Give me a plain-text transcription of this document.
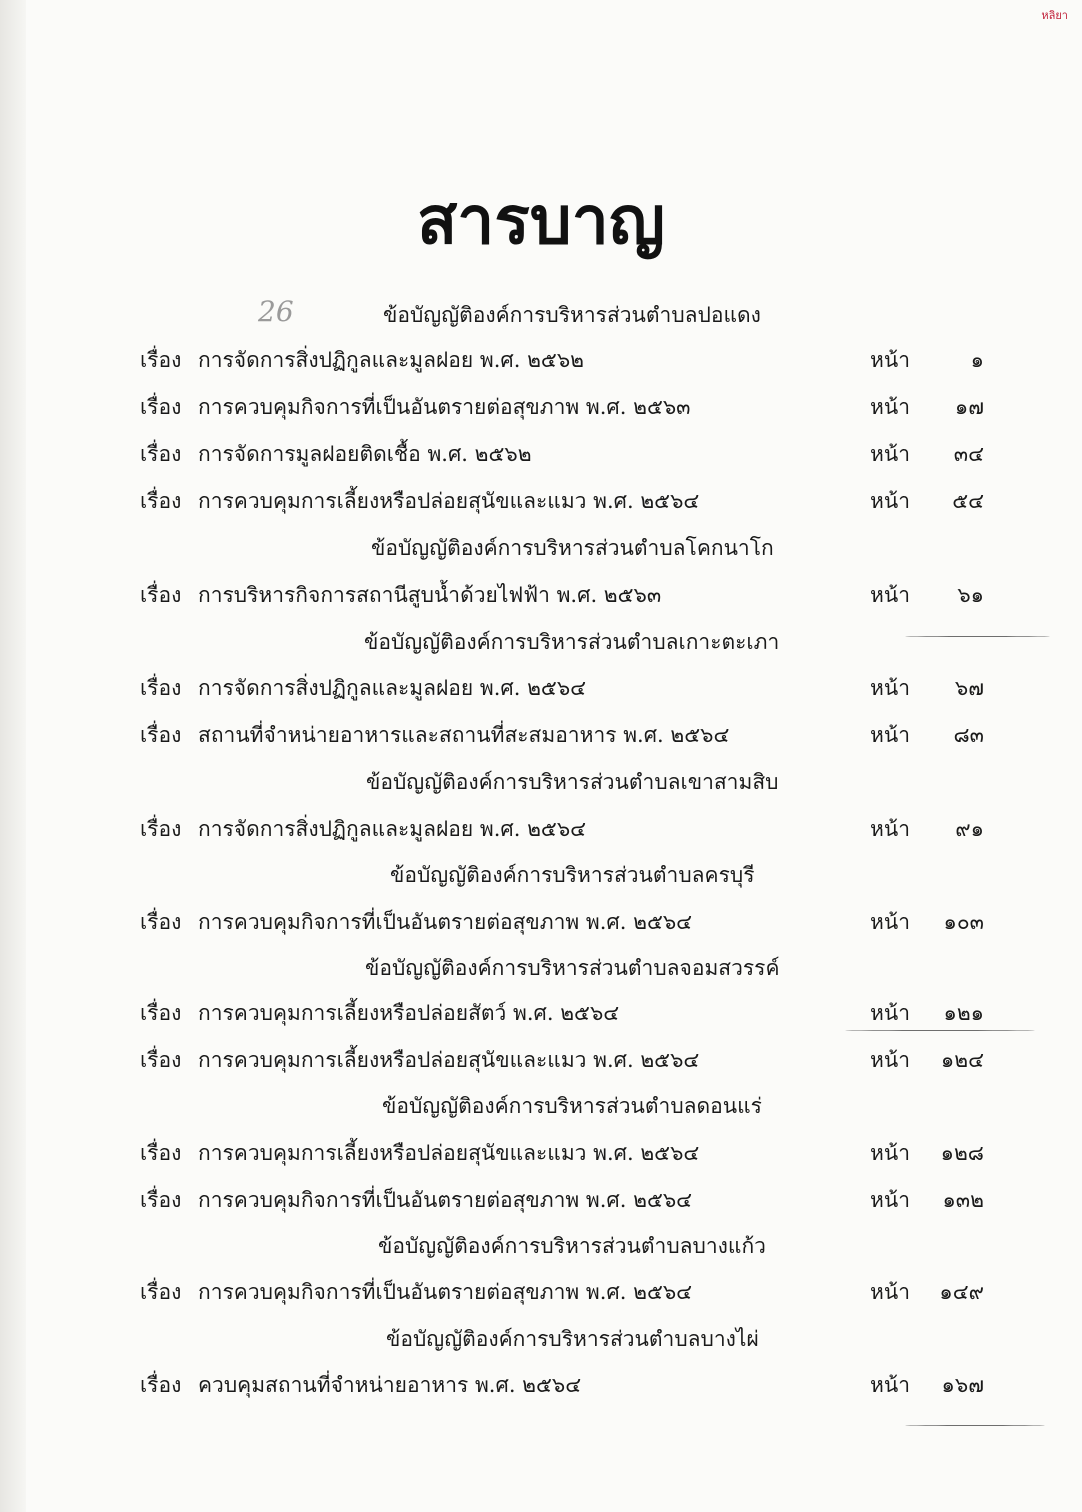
หลิยา
สารบาญ
26	ข้อบัญญัติองค์การบริหารส่วนตำบลปอแดง
เรื่อง การจัดการสิ่งปฏิกูลและมูลฝอย พ.ศ. ๒๕๖๒	หน้า	๑
เรื่อง การควบคุมกิจการที่เป็นอันตรายต่อสุขภาพ พ.ศ. ๒๕๖๓	หน้า ๑๗
เรื่อง การจัดการมูลฝอยติดเชื้อ พ.ศ. ๒๕๖๒	หน้า ๓๔
เรื่อง การควบคุมการเลี้ยงหรือปล่อยสุนัขและแมว พ.ศ. ๒๕๖๔	หน้า ๕๔
ข้อบัญญัติองค์การบริหารส่วนตำบลโคกนาโก
เรื่อง การบริหารกิจการสถานีสูบน้ำด้วยไฟฟ้า พ.ศ. ๒๕๖๓	หน้า ๖๑
ข้อบัญญัติองค์การบริหารส่วนตำบลเกาะตะเภา
เรื่อง การจัดการสิ่งปฏิกูลและมูลฝอย พ.ศ. ๒๕๖๔	หน้า ๖๗
เรื่อง สถานที่จำหน่ายอาหารและสถานที่สะสมอาหาร พ.ศ. ๒๕๖๔	หน้า ๘๓
ข้อบัญญัติองค์การบริหารส่วนตำบลเขาสามสิบ
เรื่อง การจัดการสิ่งปฏิกูลและมูลฝอย พ.ศ. ๒๕๖๔	หน้า ๙๑
ข้อบัญญัติองค์การบริหารส่วนตำบลครบุรี
เรื่อง การควบคุมกิจการที่เป็นอันตรายต่อสุขภาพ พ.ศ. ๒๕๖๔	หน้า ๑๐๓
ข้อบัญญัติองค์การบริหารส่วนตำบลจอมสวรรค์
เรื่อง การควบคุมการเลี้ยงหรือปล่อยสัตว์ พ.ศ. ๒๕๖๔	หน้า ๑๒๑
เรื่อง การควบคุมการเลี้ยงหรือปล่อยสุนัขและแมว พ.ศ. ๒๕๖๔	หน้า ๑๒๔
ข้อบัญญัติองค์การบริหารส่วนตำบลดอนแร่
เรื่อง การควบคุมการเลี้ยงหรือปล่อยสุนัขและแมว พ.ศ. ๒๕๖๔	หน้า ๑๒๘
เรื่อง การควบคุมกิจการที่เป็นอันตรายต่อสุขภาพ พ.ศ. ๒๕๖๔	หน้า ๑๓๒
ข้อบัญญัติองค์การบริหารส่วนตำบลบางแก้ว
เรื่อง การควบคุมกิจการที่เป็นอันตรายต่อสุขภาพ พ.ศ. ๒๕๖๔	หน้า ๑๔๙
ข้อบัญญัติองค์การบริหารส่วนตำบลบางไผ่
เรื่อง ควบคุมสถานที่จำหน่ายอาหาร พ.ศ. ๒๕๖๔	หน้า ๑๖๗
